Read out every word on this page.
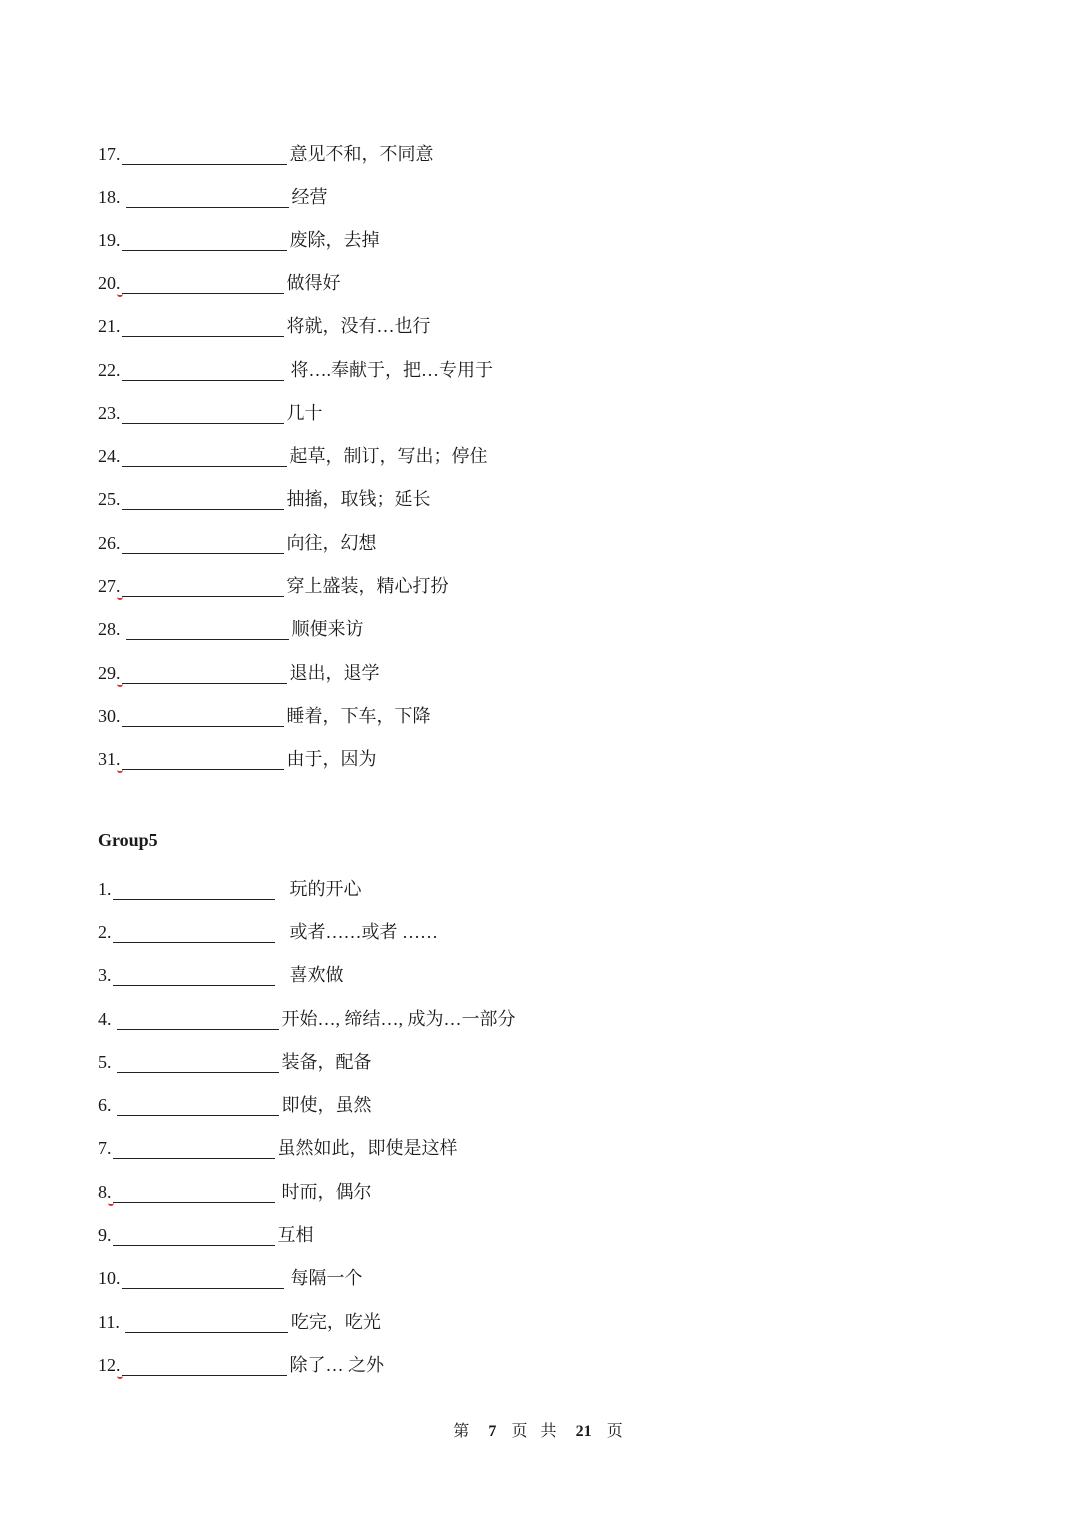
17.	意见不和，不同意
18.	经营
19.	废除，去掉
20.	做得好
21.	将就，没有…也行
22.	将….奉献于，把…专用于
23.	几十
24.	起草，制订，写出；停住
25.	抽搐，取钱；延长
26.	向往，幻想
27.	穿上盛装，精心打扮
28.	顺便来访
29.	退出，退学
30.	睡着，下车，下降
31.	由于，因为
Group5
1.	玩的开心
2.	或者……或者 ……
3.	喜欢做
4.	开始…, 缔结…, 成为…一部分
5.	装备，配备
6.	即使，虽然
7.	虽然如此，即使是这样
8.	时而，偶尔
9.	互相
10.	每隔一个
11.	吃完，吃光
12.	除了… 之外
第 7 页 共 21 页
